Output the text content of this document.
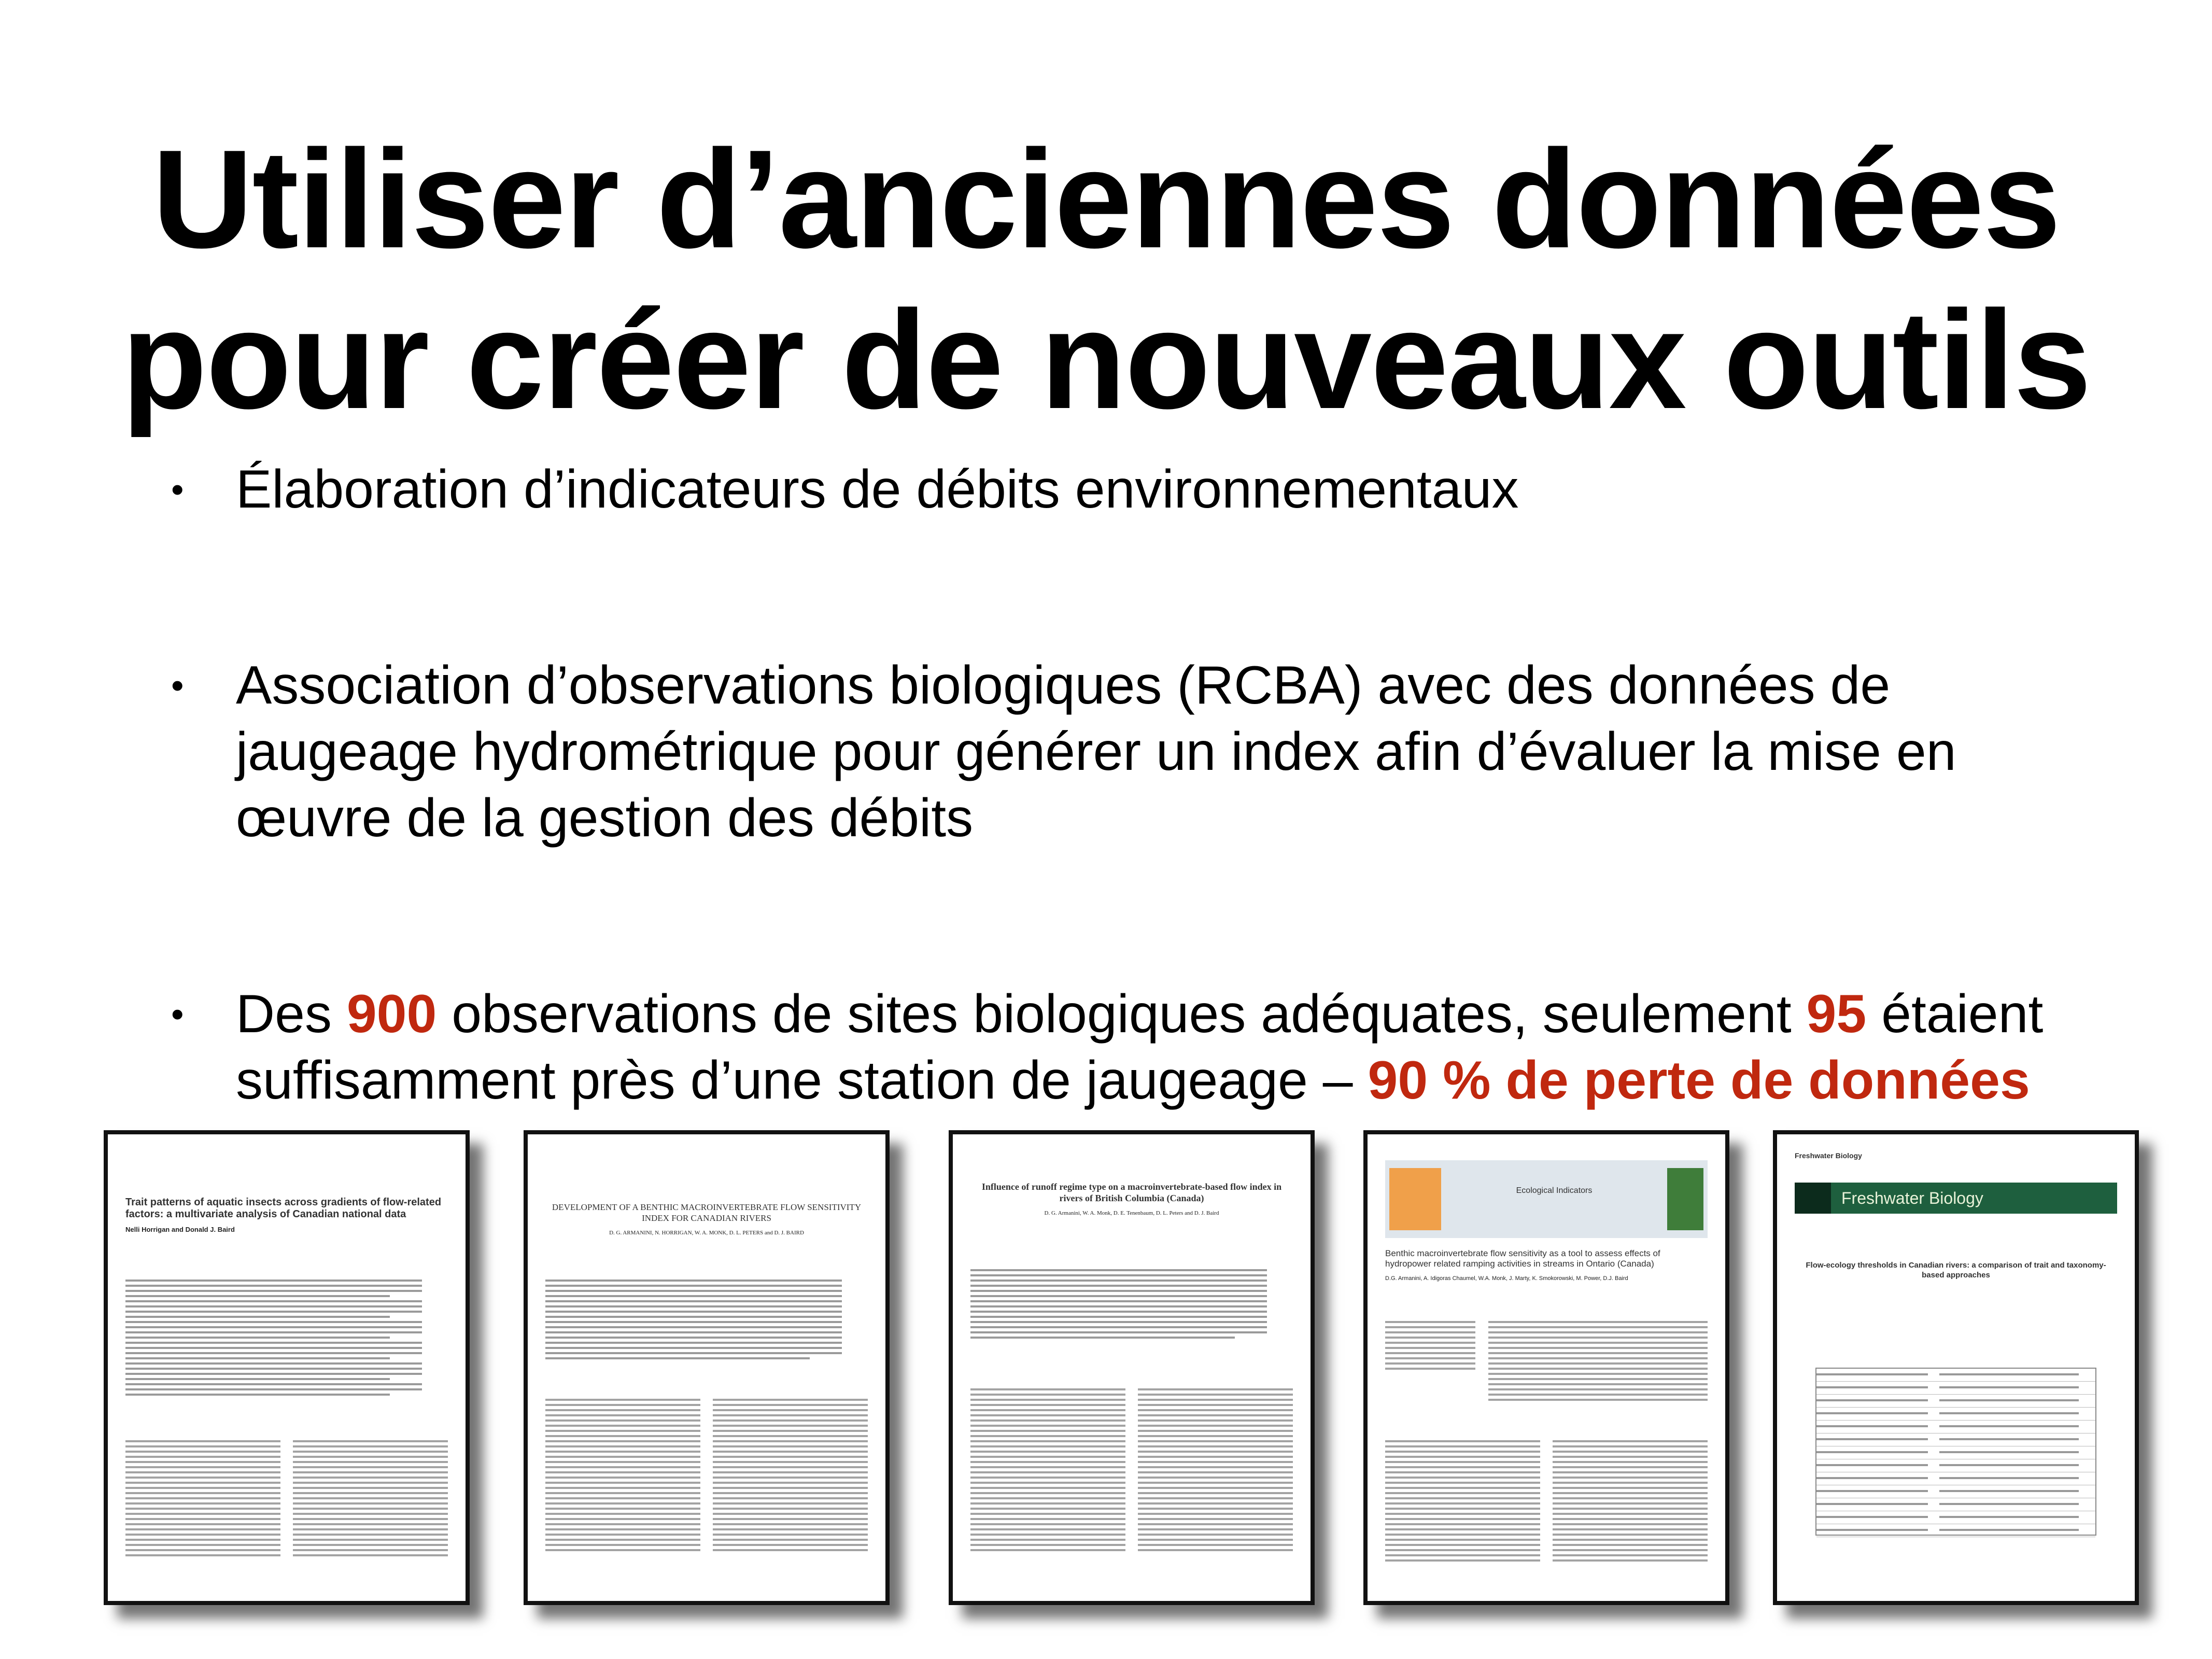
Utiliser d’anciennes données
pour créer de nouveaux outils
• Élaboration d’indicateurs de débits environnementaux
• Association d’observations biologiques (RCBA) avec des données de jaugeage hydrométrique pour générer un index afin d’évaluer la mise en œuvre de la gestion des débits
• Des 900 observations de sites biologiques adéquates, seulement 95 étaient suffisamment près d’une station de jaugeage – 90 % de perte de données
Trait patterns of aquatic insects across gradients of flow-related factors: a multivariate analysis of Canadian national data
Nelli Horrigan and Donald J. Baird
DEVELOPMENT OF A BENTHIC MACROINVERTEBRATE FLOW SENSITIVITY INDEX FOR CANADIAN RIVERS
D. G. ARMANINI, N. HORRIGAN, W. A. MONK, D. L. PETERS and D. J. BAIRD
Influence of runoff regime type on a macroinvertebrate-based flow index in rivers of British Columbia (Canada)
D. G. Armanini, W. A. Monk, D. E. Tenenbaum, D. L. Peters and D. J. Baird
Ecological Indicators
Benthic macroinvertebrate flow sensitivity as a tool to assess effects of hydropower related ramping activities in streams in Ontario (Canada)
D.G. Armanini, A. Idigoras Chaumel, W.A. Monk, J. Marty, K. Smokorowski, M. Power, D.J. Baird
Freshwater Biology
Freshwater Biology
Flow-ecology thresholds in Canadian rivers: a comparison of trait and taxonomy-based approaches
